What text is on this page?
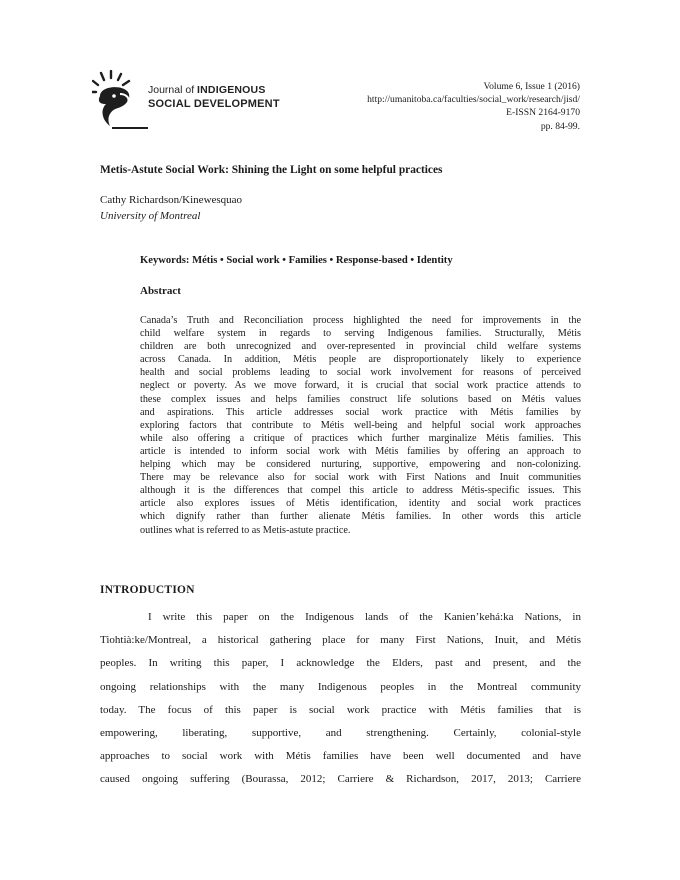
Journal of INDIGENOUS
SOCIAL DEVELOPMENT
Volume 6, Issue 1 (2016)
http://umanitoba.ca/faculties/social_work/research/jisd/
E-ISSN 2164-9170
pp. 84-99.
Metis-Astute Social Work: Shining the Light on some helpful practices
Cathy Richardson/Kinewesquao
University of Montreal
Keywords: Métis • Social work • Families • Response-based • Identity
Abstract
Canada’s Truth and Reconciliation process highlighted the need for improvements in the
child welfare system in regards to serving Indigenous families. Structurally, Métis
children are both unrecognized and over-represented in provincial child welfare systems
across Canada. In addition, Métis people are disproportionately likely to experience
health and social problems leading to social work involvement for reasons of perceived
neglect or poverty. As we move forward, it is crucial that social work practice attends to
these complex issues and helps families construct life solutions based on Métis values
and aspirations. This article addresses social work practice with Métis families by
exploring factors that contribute to Métis well-being and helpful social work approaches
while also offering a critique of practices which further marginalize Métis families. This
article is intended to inform social work with Métis families by offering an approach to
helping which may be considered nurturing, supportive, empowering and non-colonizing.
There may be relevance also for social work with First Nations and Inuit communities
although it is the differences that compel this article to address Métis-specific issues. This
article also explores issues of Métis identification, identity and social work practices
which dignify rather than further alienate Métis families. In other words this article
outlines what is referred to as Metis-astute practice.
INTRODUCTION
I write this paper on the Indigenous lands of the Kanien’kehá:ka Nations, in
Tiohtià:ke/Montreal, a historical gathering place for many First Nations, Inuit, and Métis
peoples. In writing this paper, I acknowledge the Elders, past and present, and the
ongoing relationships with the many Indigenous peoples in the Montreal community
today. The focus of this paper is social work practice with Métis families that is
empowering, liberating, supportive, and strengthening. Certainly, colonial-style
approaches to social work with Métis families have been well documented and have
caused ongoing suffering (Bourassa, 2012; Carriere & Richardson, 2017, 2013; Carriere
